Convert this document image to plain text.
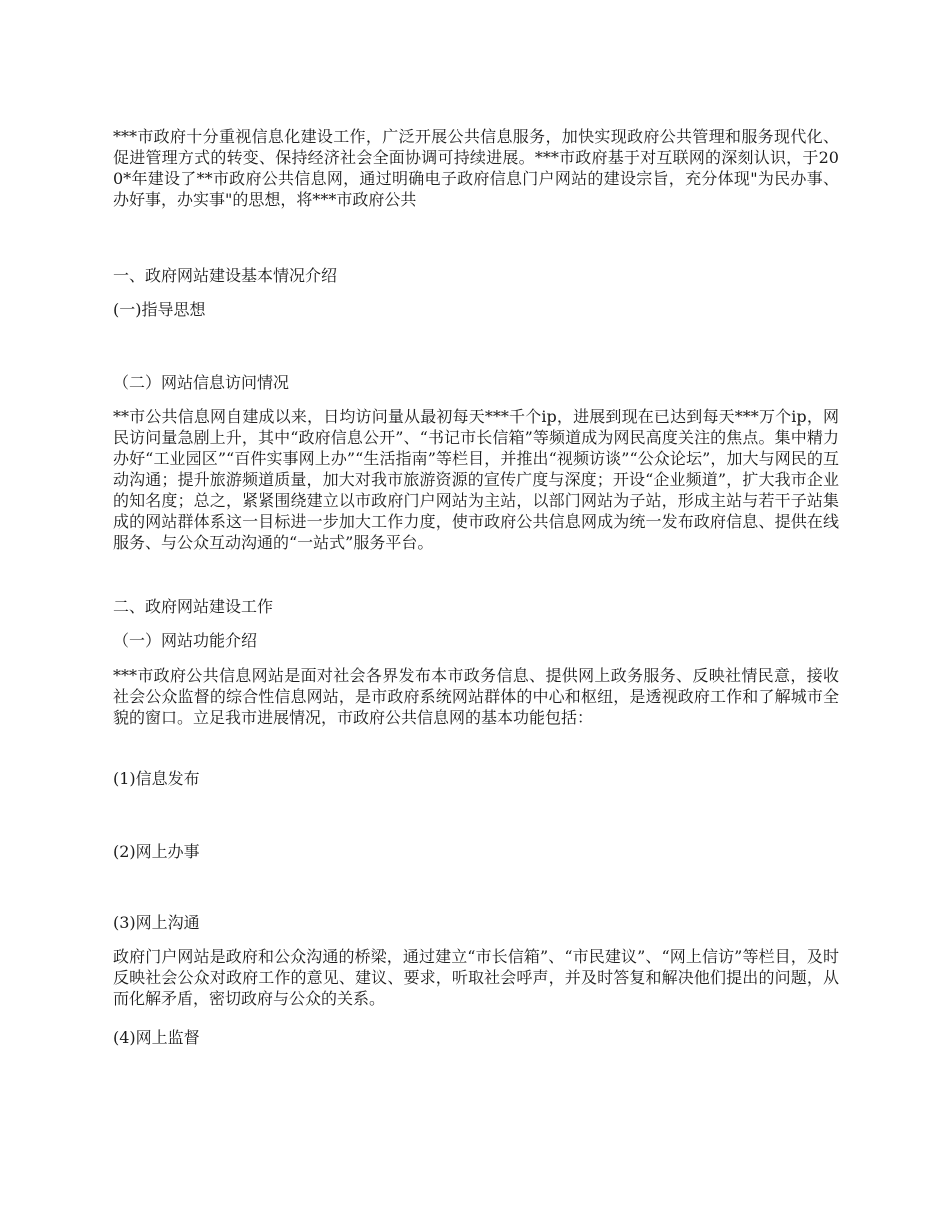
***市政府十分重视信息化建设工作，广泛开展公共信息服务，加快实现政府公共管理和服务现代化、促进管理方式的转变、保持经济社会全面协调可持续进展。***市政府基于对互联网的深刻认识，于200*年建设了**市政府公共信息网，通过明确电子政府信息门户网站的建设宗旨，充分体现"为民办事、办好事，办实事"的思想，将***市政府公共

一、政府网站建设基本情况介绍

(一)指导思想

（二）网站信息访问情况

**市公共信息网自建成以来，日均访问量从最初每天***千个ip，进展到现在已达到每天***万个ip，网民访问量急剧上升，其中“政府信息公开”、“书记市长信箱”等频道成为网民高度关注的焦点。集中精力办好“工业园区”“百件实事网上办”“生活指南”等栏目，并推出“视频访谈”“公众论坛”，加大与网民的互动沟通；提升旅游频道质量，加大对我市旅游资源的宣传广度与深度；开设“企业频道”，扩大我市企业的知名度；总之，紧紧围绕建立以市政府门户网站为主站，以部门网站为子站，形成主站与若干子站集成的网站群体系这一目标进一步加大工作力度，使市政府公共信息网成为统一发布政府信息、提供在线服务、与公众互动沟通的“一站式”服务平台。

二、政府网站建设工作

（一）网站功能介绍

***市政府公共信息网站是面对社会各界发布本市政务信息、提供网上政务服务、反映社情民意，接收社会公众监督的综合性信息网站，是市政府系统网站群体的中心和枢纽，是透视政府工作和了解城市全貌的窗口。立足我市进展情况，市政府公共信息网的基本功能包括：

(1)信息发布

(2)网上办事

(3)网上沟通

政府门户网站是政府和公众沟通的桥梁，通过建立“市长信箱”、“市民建议”、“网上信访”等栏目，及时反映社会公众对政府工作的意见、建议、要求，听取社会呼声，并及时答复和解决他们提出的问题，从而化解矛盾，密切政府与公众的关系。

(4)网上监督
